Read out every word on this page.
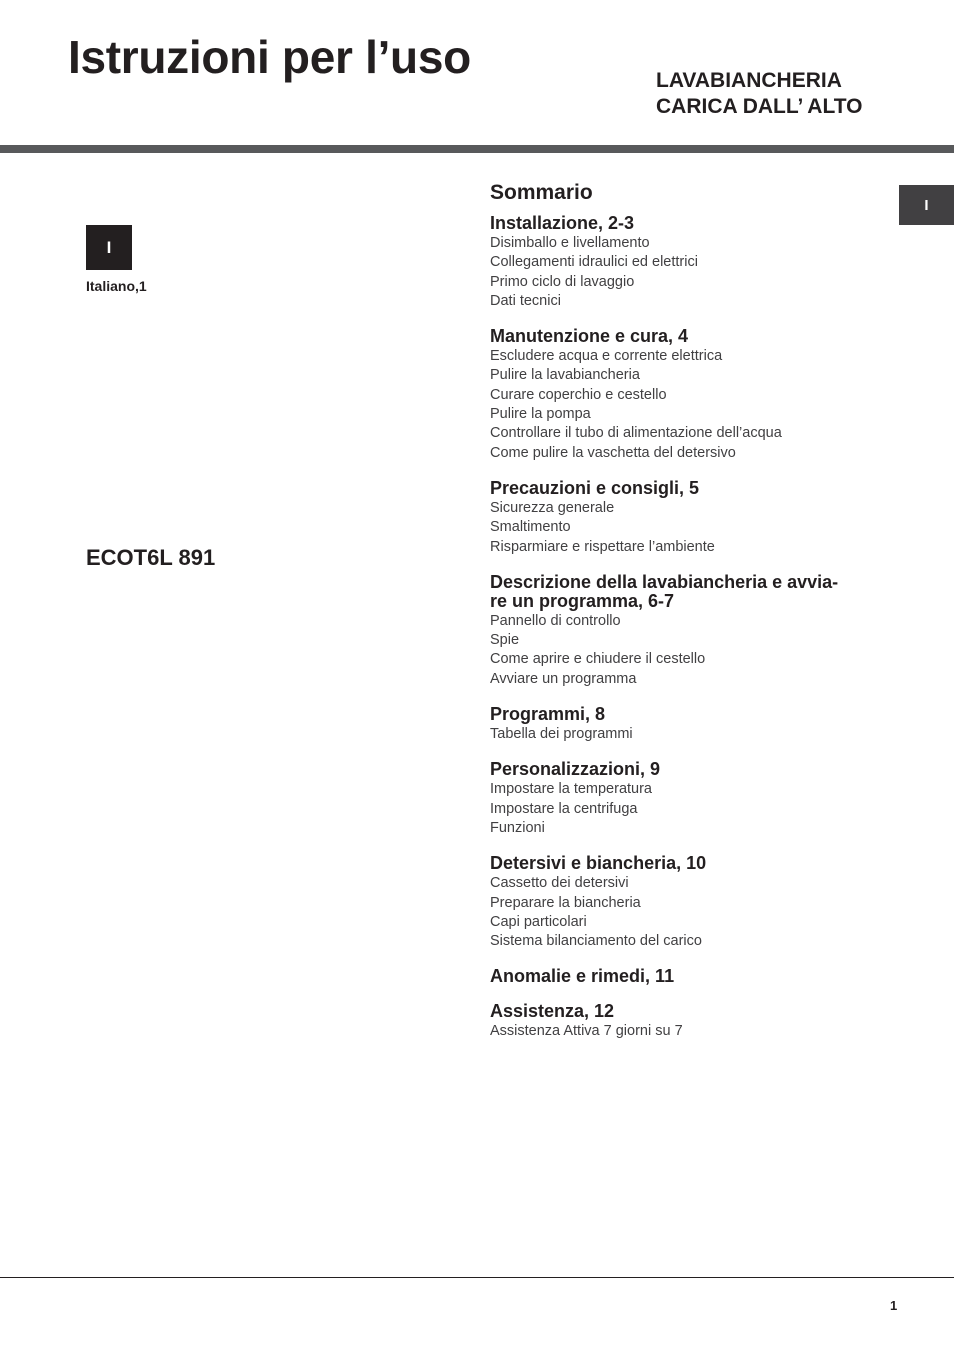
Istruzioni per l’uso	LAVABIANCHERIA
CARICA DALL’ ALTO
I
Italiano,1
ECOT6L 891
I
Sommario
Installazione, 2-3
Disimballo e livellamento
Collegamenti idraulici ed elettrici
Primo ciclo di lavaggio
Dati tecnici
Manutenzione e cura, 4
Escludere acqua e corrente elettrica
Pulire la lavabiancheria
Curare coperchio e cestello
Pulire la pompa
Controllare il tubo di alimentazione dell’acqua
Come pulire la vaschetta del detersivo
Precauzioni e consigli, 5
Sicurezza generale
Smaltimento
Risparmiare e rispettare l’ambiente
Descrizione della lavabiancheria e avvia-
re un programma, 6-7
Pannello di controllo
Spie
Come aprire e chiudere il cestello
Avviare un programma
Programmi, 8
Tabella dei programmi
Personalizzazioni, 9
Impostare la temperatura
Impostare la centrifuga
Funzioni
Detersivi e biancheria, 10
Cassetto dei detersivi
Preparare la biancheria
Capi particolari
Sistema bilanciamento del carico
Anomalie e rimedi, 11
Assistenza, 12
Assistenza Attiva 7 giorni su 7
1
